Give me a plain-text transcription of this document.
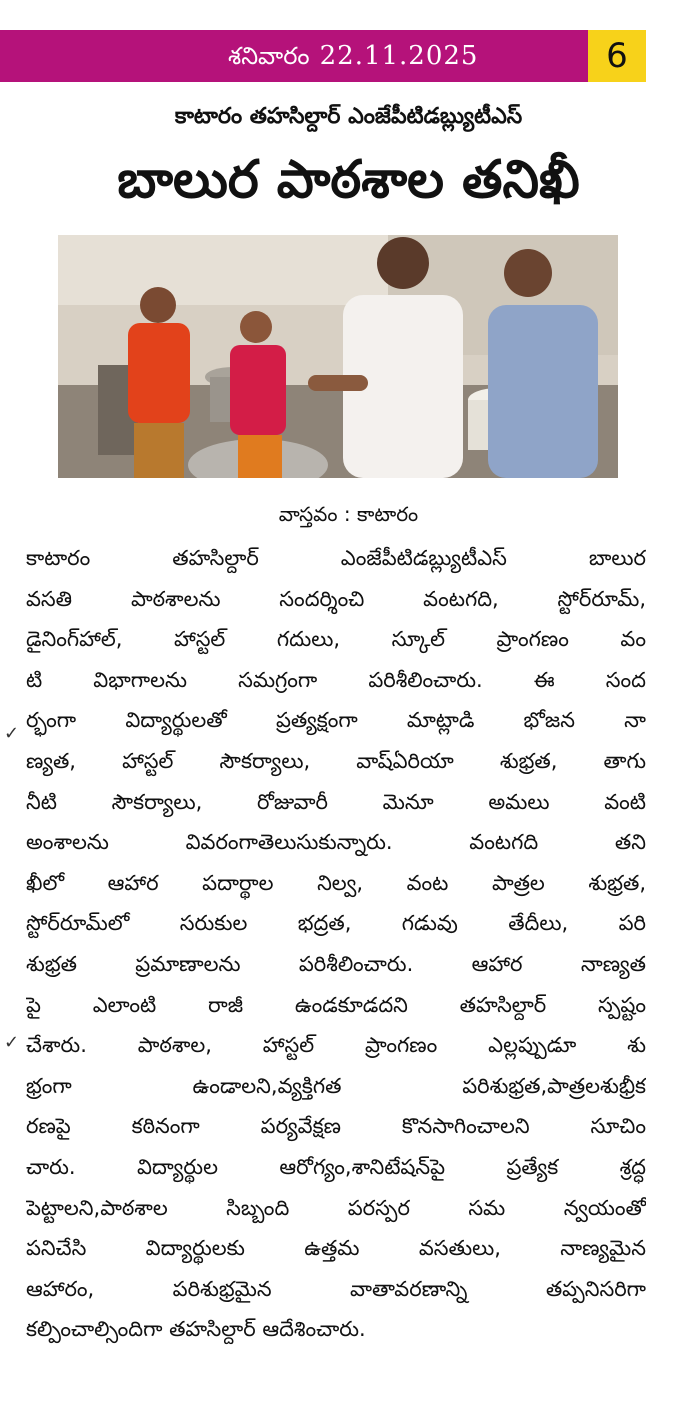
శనివారం 22.11.2025	6
కాటారం తహసిల్దార్ ఎంజేపీటిడబ్ల్యుటీఎస్
బాలుర పాఠశాల తనిఖీ
వాస్తవం : కాటారం
✓
✓
కాటారం తహసిల్దార్ ఎంజేపీటిడబ్ల్యుటీఎస్ బాలుర
వసతి పాఠశాలను సందర్శించి వంటగది, స్టోర్‌రూమ్,
డైనింగ్‌హాల్, హాస్టల్ గదులు, స్కూల్ ప్రాంగణం వం
టి విభాగాలను సమగ్రంగా పరిశీలించారు. ఈ సంద
ర్భంగా విద్యార్థులతో ప్రత్యక్షంగా మాట్లాడి భోజన నా
ణ్యత, హాస్టల్ సౌకర్యాలు, వాష్‌ఏరియా శుభ్రత, తాగు
నీటి సౌకర్యాలు, రోజువారీ మెనూ అమలు వంటి
అంశాలను వివరంగాతెలుసుకున్నారు. వంటగది తని
ఖీలో ఆహార పదార్థాల నిల్వ, వంట పాత్రల శుభ్రత,
స్టోర్‌రూమ్‌లో సరుకుల భద్రత, గడువు తేదీలు, పరి
శుభ్రత ప్రమాణాలను పరిశీలించారు. ఆహార నాణ్యత
పై ఎలాంటి రాజీ ఉండకూడదని తహసిల్దార్ స్పష్టం
చేశారు. పాఠశాల, హాస్టల్ ప్రాంగణం ఎల్లప్పుడూ శు
భ్రంగా ఉండాలని,వ్యక్తిగత పరిశుభ్రత,పాత్రలశుభ్రీక
రణపై కఠినంగా పర్యవేక్షణ కొనసాగించాలని సూచిం
చారు. విద్యార్థుల ఆరోగ్యం,శానిటేషన్‌పై ప్రత్యేక శ్రద్ధ
పెట్టాలని,పాఠశాల సిబ్బంది పరస్పర సమ న్వయంతో
పనిచేసి విద్యార్థులకు ఉత్తమ వసతులు, నాణ్యమైన
ఆహారం, పరిశుభ్రమైన వాతావరణాన్ని తప్పనిసరిగా
కల్పించాల్సిందిగా తహసిల్దార్ ఆదేశించారు.
